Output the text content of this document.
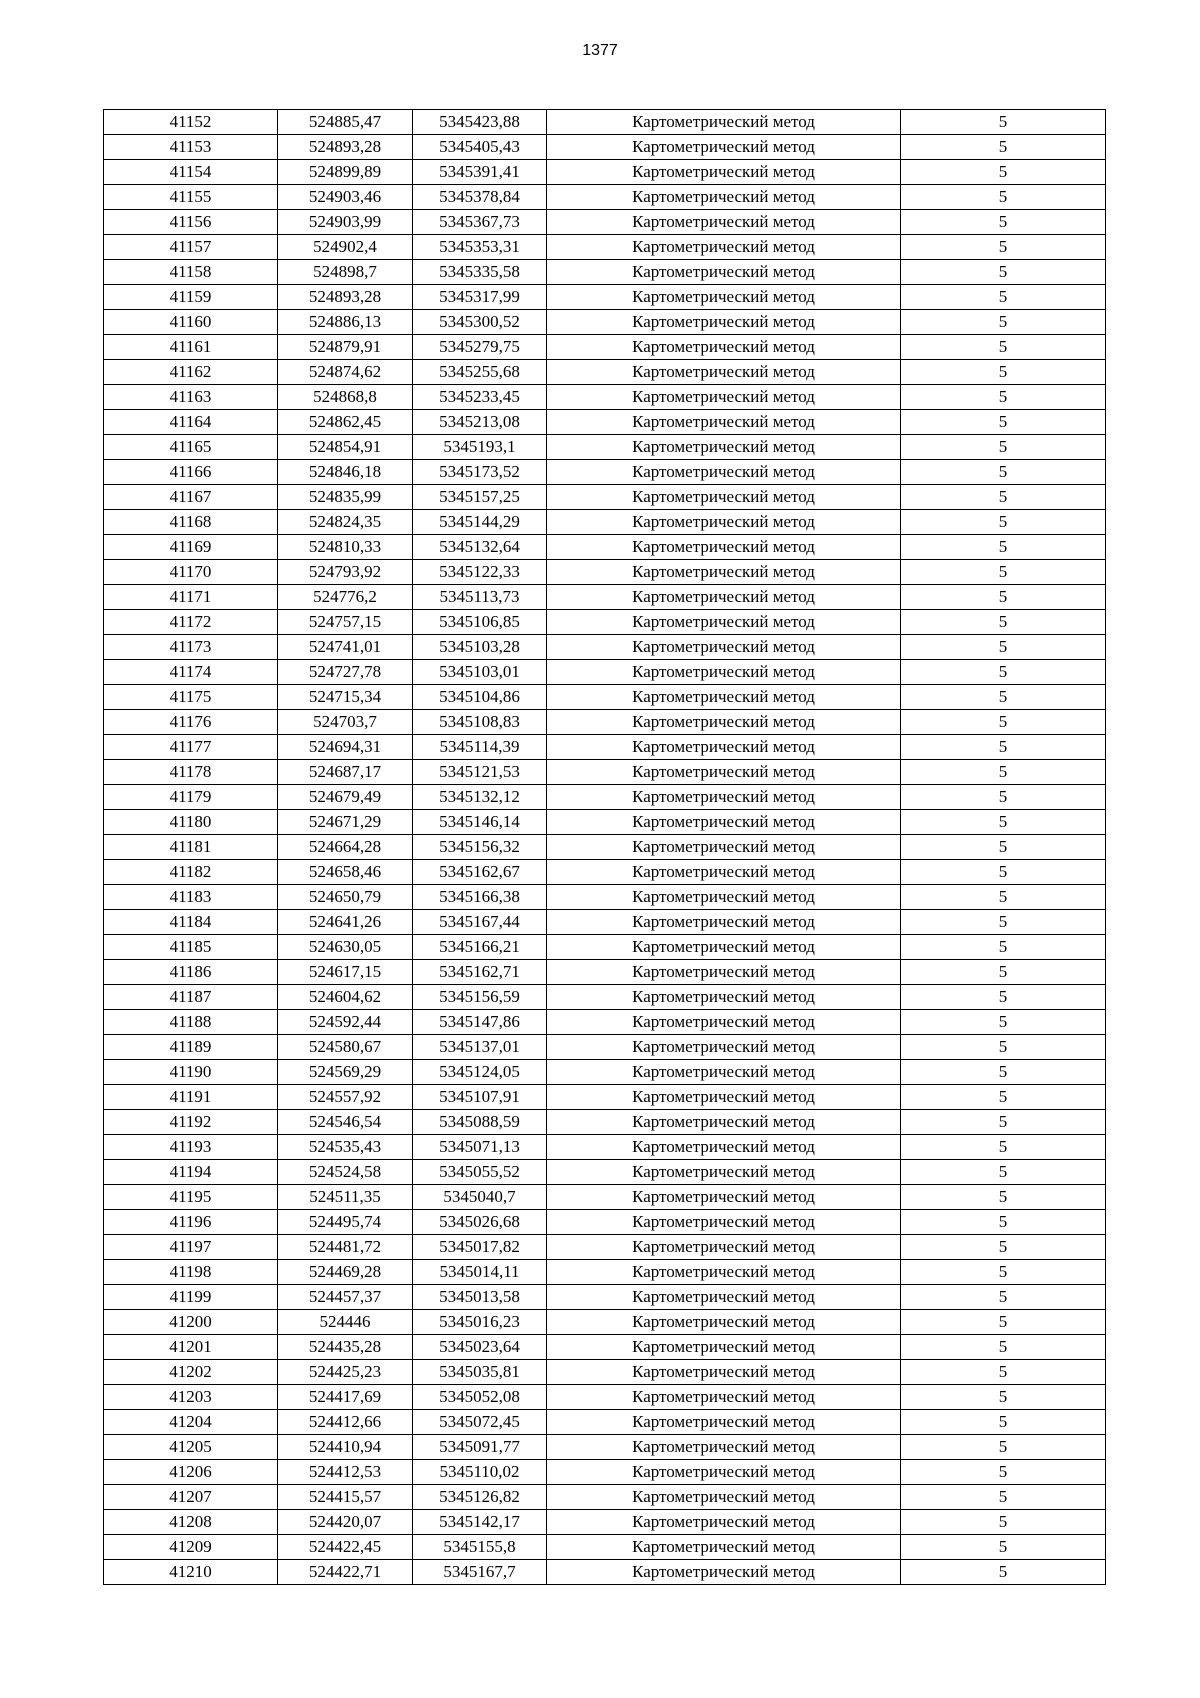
1377
41152	524885,47	5345423,88	Картометрический метод	5
41153	524893,28	5345405,43	Картометрический метод	5
41154	524899,89	5345391,41	Картометрический метод	5
41155	524903,46	5345378,84	Картометрический метод	5
41156	524903,99	5345367,73	Картометрический метод	5
41157	524902,4	5345353,31	Картометрический метод	5
41158	524898,7	5345335,58	Картометрический метод	5
41159	524893,28	5345317,99	Картометрический метод	5
41160	524886,13	5345300,52	Картометрический метод	5
41161	524879,91	5345279,75	Картометрический метод	5
41162	524874,62	5345255,68	Картометрический метод	5
41163	524868,8	5345233,45	Картометрический метод	5
41164	524862,45	5345213,08	Картометрический метод	5
41165	524854,91	5345193,1	Картометрический метод	5
41166	524846,18	5345173,52	Картометрический метод	5
41167	524835,99	5345157,25	Картометрический метод	5
41168	524824,35	5345144,29	Картометрический метод	5
41169	524810,33	5345132,64	Картометрический метод	5
41170	524793,92	5345122,33	Картометрический метод	5
41171	524776,2	5345113,73	Картометрический метод	5
41172	524757,15	5345106,85	Картометрический метод	5
41173	524741,01	5345103,28	Картометрический метод	5
41174	524727,78	5345103,01	Картометрический метод	5
41175	524715,34	5345104,86	Картометрический метод	5
41176	524703,7	5345108,83	Картометрический метод	5
41177	524694,31	5345114,39	Картометрический метод	5
41178	524687,17	5345121,53	Картометрический метод	5
41179	524679,49	5345132,12	Картометрический метод	5
41180	524671,29	5345146,14	Картометрический метод	5
41181	524664,28	5345156,32	Картометрический метод	5
41182	524658,46	5345162,67	Картометрический метод	5
41183	524650,79	5345166,38	Картометрический метод	5
41184	524641,26	5345167,44	Картометрический метод	5
41185	524630,05	5345166,21	Картометрический метод	5
41186	524617,15	5345162,71	Картометрический метод	5
41187	524604,62	5345156,59	Картометрический метод	5
41188	524592,44	5345147,86	Картометрический метод	5
41189	524580,67	5345137,01	Картометрический метод	5
41190	524569,29	5345124,05	Картометрический метод	5
41191	524557,92	5345107,91	Картометрический метод	5
41192	524546,54	5345088,59	Картометрический метод	5
41193	524535,43	5345071,13	Картометрический метод	5
41194	524524,58	5345055,52	Картометрический метод	5
41195	524511,35	5345040,7	Картометрический метод	5
41196	524495,74	5345026,68	Картометрический метод	5
41197	524481,72	5345017,82	Картометрический метод	5
41198	524469,28	5345014,11	Картометрический метод	5
41199	524457,37	5345013,58	Картометрический метод	5
41200	524446	5345016,23	Картометрический метод	5
41201	524435,28	5345023,64	Картометрический метод	5
41202	524425,23	5345035,81	Картометрический метод	5
41203	524417,69	5345052,08	Картометрический метод	5
41204	524412,66	5345072,45	Картометрический метод	5
41205	524410,94	5345091,77	Картометрический метод	5
41206	524412,53	5345110,02	Картометрический метод	5
41207	524415,57	5345126,82	Картометрический метод	5
41208	524420,07	5345142,17	Картометрический метод	5
41209	524422,45	5345155,8	Картометрический метод	5
41210	524422,71	5345167,7	Картометрический метод	5
